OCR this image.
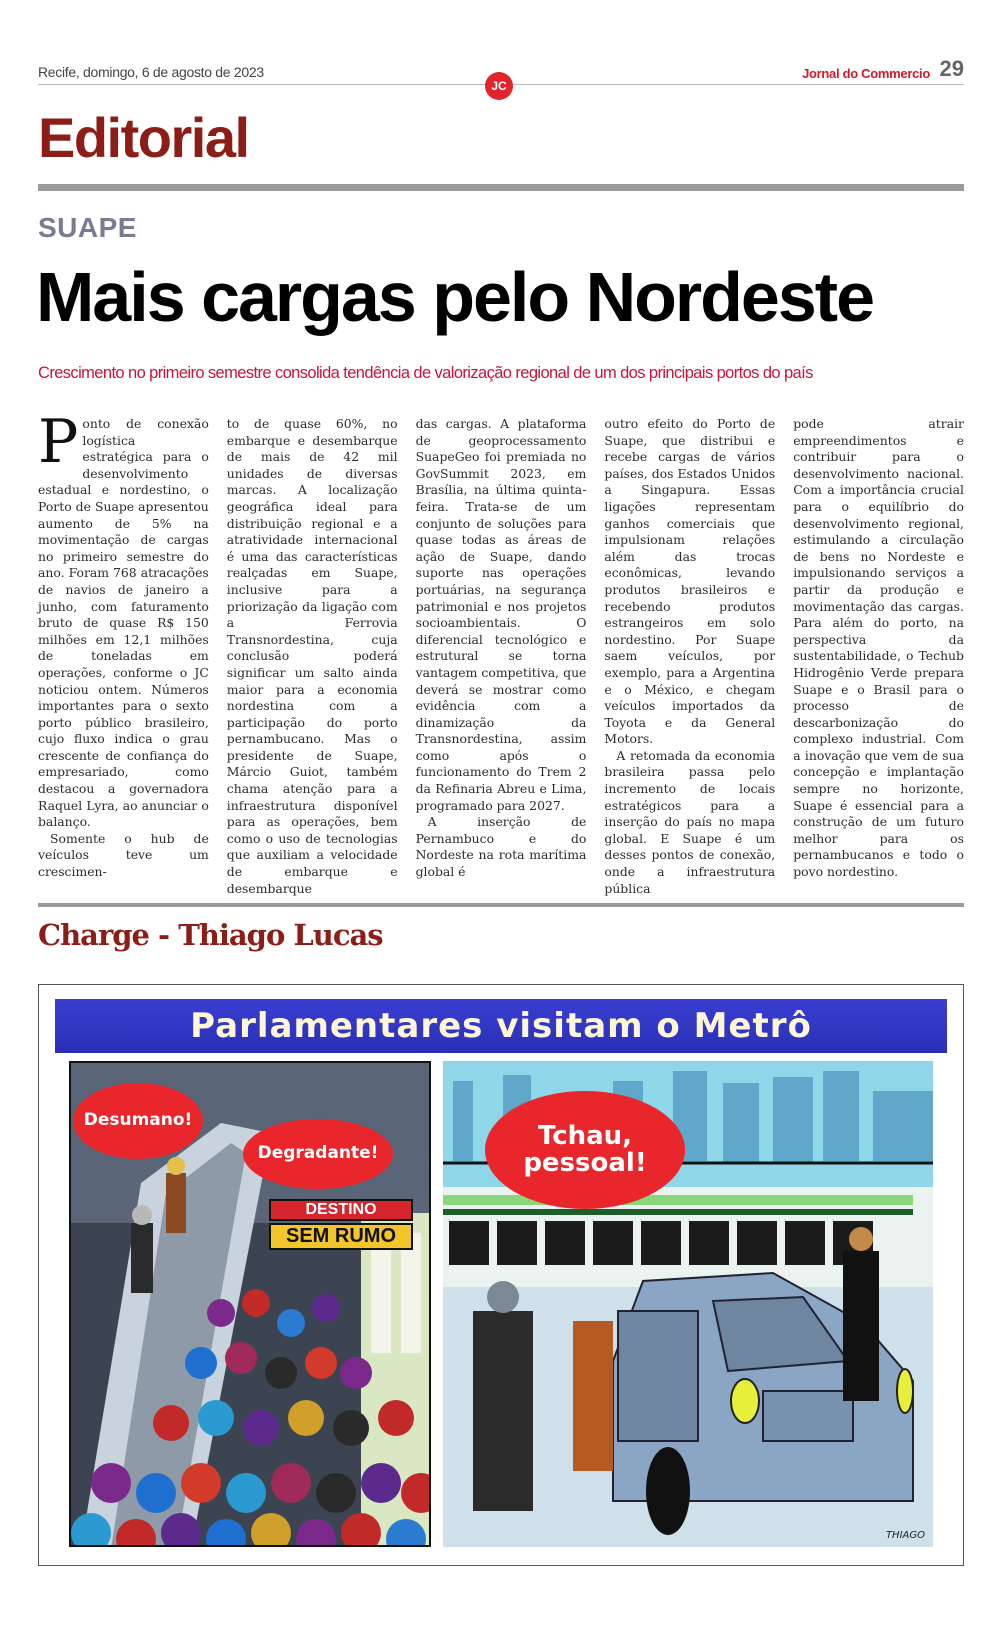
Recife, domingo, 6 de agosto de 2023
JC
Jornal do Commercio 29
Editorial
SUAPE
Mais cargas pelo Nordeste
Crescimento no primeiro semestre consolida tendência de valorização regional de um dos principais portos do país

Ponto de conexão logística estratégica para o desenvolvimento estadual e nordestino, o Porto de Suape apresentou aumento de 5% na movimentação de cargas no primeiro semestre do ano. Foram 768 atracações de navios de janeiro a junho, com faturamento bruto de quase R$ 150 milhões em 12,1 milhões de toneladas em operações, conforme o JC noticiou ontem. Números importantes para o sexto porto público brasileiro, cujo fluxo indica o grau crescente de confiança do empresariado, como destacou a governadora Raquel Lyra, ao anunciar o balanço.

Somente o hub de veículos teve um crescimen-

to de quase 60%, no embarque e desembarque de mais de 42 mil unidades de diversas marcas. A localização geográfica ideal para distribuição regional e a atratividade internacional é uma das características realçadas em Suape, inclusive para a priorização da ligação com a Ferrovia Transnordestina, cuja conclusão poderá significar um salto ainda maior para a economia nordestina com a participação do porto pernambucano. Mas o presidente de Suape, Márcio Guiot, também chama atenção para a infraestrutura disponível para as operações, bem como o uso de tecnologias que auxiliam a velocidade de embarque e desembarque

das cargas. A plataforma de geoprocessamento SuapeGeo foi premiada no GovSummit 2023, em Brasília, na última quinta-feira. Trata-se de um conjunto de soluções para quase todas as áreas de ação de Suape, dando suporte nas operações portuárias, na segurança patrimonial e nos projetos socioambientais. O diferencial tecnológico e estrutural se torna vantagem competitiva, que deverá se mostrar como evidência com a dinamização da Transnordestina, assim como após o funcionamento do Trem 2 da Refinaria Abreu e Lima, programado para 2027.

A inserção de Pernambuco e do Nordeste na rota marítima global é

outro efeito do Porto de Suape, que distribui e recebe cargas de vários países, dos Estados Unidos a Singapura. Essas ligações representam ganhos comerciais que impulsionam relações além das trocas econômicas, levando produtos brasileiros e recebendo produtos estrangeiros em solo nordestino. Por Suape saem veículos, por exemplo, para a Argentina e o México, e chegam veículos importados da Toyota e da General Motors.

A retomada da economia brasileira passa pelo incremento de locais estratégicos para a inserção do país no mapa global. E Suape é um desses pontos de conexão, onde a infraestrutura pública

pode atrair empreendimentos e contribuir para o desenvolvimento nacional. Com a importância crucial para o equilíbrio do desenvolvimento regional, estimulando a circulação de bens no Nordeste e impulsionando serviços a partir da produção e movimentação das cargas. Para além do porto, na perspectiva da sustentabilidade, o Techub Hidrogênio Verde prepara Suape e o Brasil para o processo de descarbonização do complexo industrial. Com a inovação que vem de sua concepção e implantação sempre no horizonte, Suape é essencial para a construção de um futuro melhor para os pernambucanos e todo o povo nordestino.

Charge - Thiago Lucas
Parlamentares visitam o Metrô
Desumano!
Degradante!
DESTINO
SEM RUMO
Tchau, pessoal!
THIAGO
